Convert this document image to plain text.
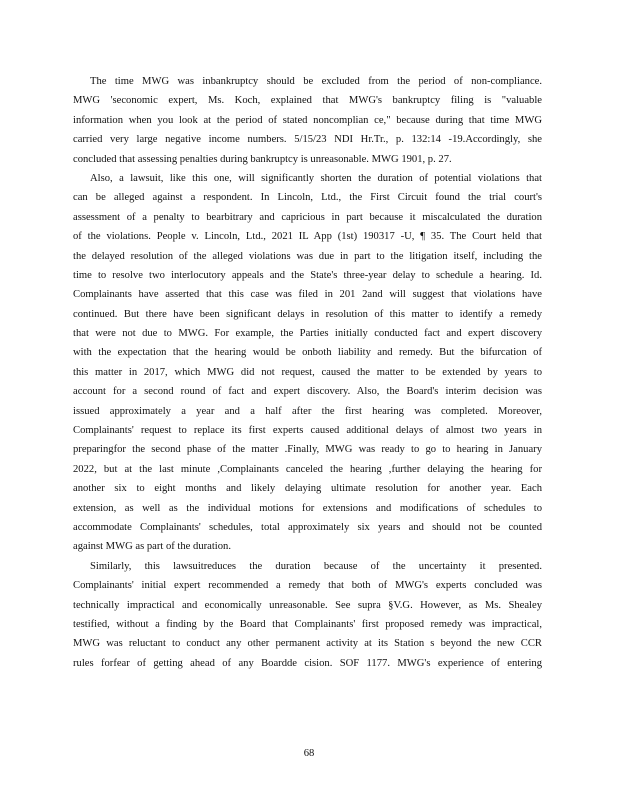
The time MWG was inbankruptcy should be excluded from the period of non-compliance.
MWG 'seconomic expert, Ms. Koch, explained that MWG's bankruptcy filing is "valuable
information when you look at the period of stated noncomplian ce," because during that time MWG
carried very large negative income numbers. 5/15/23 NDI Hr.Tr., p. 132:14 -19.Accordingly, she
concluded that assessing penalties during bankruptcy is unreasonable. MWG 1901, p. 27.
Also, a lawsuit, like this one, will significantly shorten the duration of potential violations that
can be alleged against a respondent. In Lincoln, Ltd., the First Circuit found the trial court's
assessment of a penalty to bearbitrary and capricious in part because it miscalculated the duration
of the violations. People v. Lincoln, Ltd., 2021 IL App (1st) 190317 -U, ¶ 35. The Court held that
the delayed resolution of the alleged violations was due in part to the litigation itself, including the
time to resolve two interlocutory appeals and the State's three-year delay to schedule a hearing. Id.
Complainants have asserted that this case was filed in 201 2and will suggest that violations have
continued. But there have been significant delays in resolution of this matter to identify a remedy
that were not due to MWG. For example, the Parties initially conducted fact and expert discovery
with the expectation that the hearing would be onboth liability and remedy. But the bifurcation of
this matter in 2017, which MWG did not request, caused the matter to be extended by years to
account for a second round of fact and expert discovery. Also, the Board's interim decision was
issued approximately a year and a half after the first hearing was completed. Moreover,
Complainants' request to replace its first experts caused additional delays of almost two years in
preparingfor the second phase of the matter .Finally, MWG was ready to go to hearing in January
2022, but at the last minute ,Complainants canceled the hearing ,further delaying the hearing for
another six to eight months and likely delaying ultimate resolution for another year. Each
extension, as well as the individual motions for extensions and modifications of schedules to
accommodate Complainants' schedules, total approximately six years and should not be counted
against MWG as part of the duration.
Similarly, this lawsuitreduces the duration because of the uncertainty it presented.
Complainants' initial expert recommended a remedy that both of MWG's experts concluded was
technically impractical and economically unreasonable. See supra §V.G. However, as Ms. Shealey
testified, without a finding by the Board that Complainants' first proposed remedy was impractical,
MWG was reluctant to conduct any other permanent activity at its Station s beyond the new CCR
rules forfear of getting ahead of any Boardde cision. SOF 1177. MWG's experience of entering
68
